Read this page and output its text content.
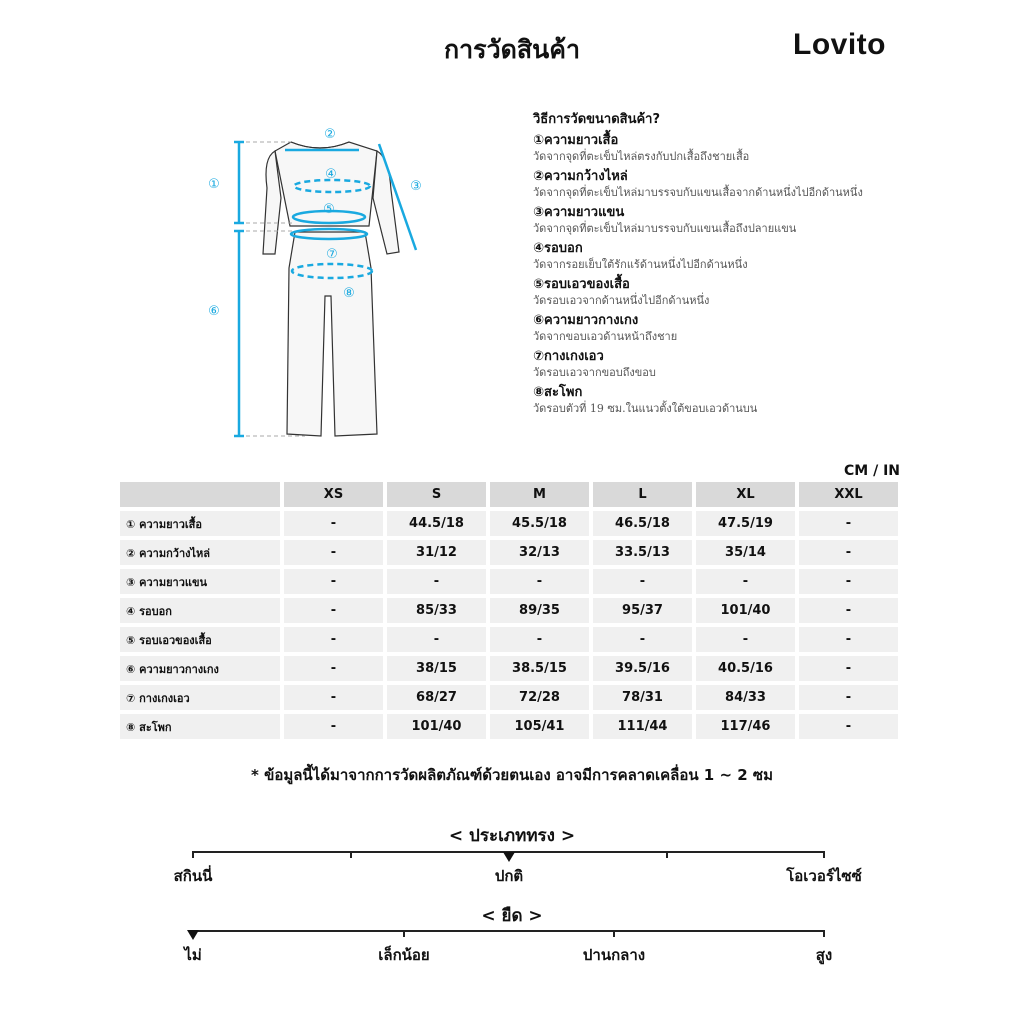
การวัดสินค้า	Lovito
①
②
③
④
⑤
⑥
⑦
⑧
วิธีการวัดขนาดสินค้า?
①ความยาวเสื้อ
วัดจากจุดที่ตะเข็บไหล่ตรงกับปกเสื้อถึงชายเสื้อ
②ความกว้างไหล่
วัดจากจุดที่ตะเข็บไหล่มาบรรจบกับแขนเสื้อจากด้านหนึ่งไปอีกด้านหนึ่ง
③ความยาวแขน
วัดจากจุดที่ตะเข็บไหล่มาบรรจบกับแขนเสื้อถึงปลายแขน
④รอบอก
วัดจากรอยเย็บใต้รักแร้ด้านหนึ่งไปอีกด้านหนึ่ง
⑤รอบเอวของเสื้อ
วัดรอบเอวจากด้านหนึ่งไปอีกด้านหนึ่ง
⑥ความยาวกางเกง
วัดจากขอบเอวด้านหน้าถึงชาย
⑦กางเกงเอว
วัดรอบเอวจากขอบถึงขอบ
⑧สะโพก
วัดรอบตัวที่ 19 ซม.ในแนวตั้งใต้ขอบเอวด้านบน
CM / IN
	XS	S	M	L	XL	XXL
① ความยาวเสื้อ	-	44.5/18	45.5/18	46.5/18	47.5/19	-
② ความกว้างไหล่	-	31/12	32/13	33.5/13	35/14	-
③ ความยาวแขน	-	-	-	-	-	-
④ รอบอก	-	85/33	89/35	95/37	101/40	-
⑤ รอบเอวของเสื้อ	-	-	-	-	-	-
⑥ ความยาวกางเกง	-	38/15	38.5/15	39.5/16	40.5/16	-
⑦ กางเกงเอว	-	68/27	72/28	78/31	84/33	-
⑧ สะโพก	-	101/40	105/41	111/44	117/46	-
* ข้อมูลนี้ได้มาจากการวัดผลิตภัณฑ์ด้วยตนเอง อาจมีการคลาดเคลื่อน 1 ~ 2 ซม
< ประเภททรง >
สกินนี่	ปกติ	โอเวอร์ไซซ์
< ยืด >
ไม่	เล็กน้อย	ปานกลาง	สูง
